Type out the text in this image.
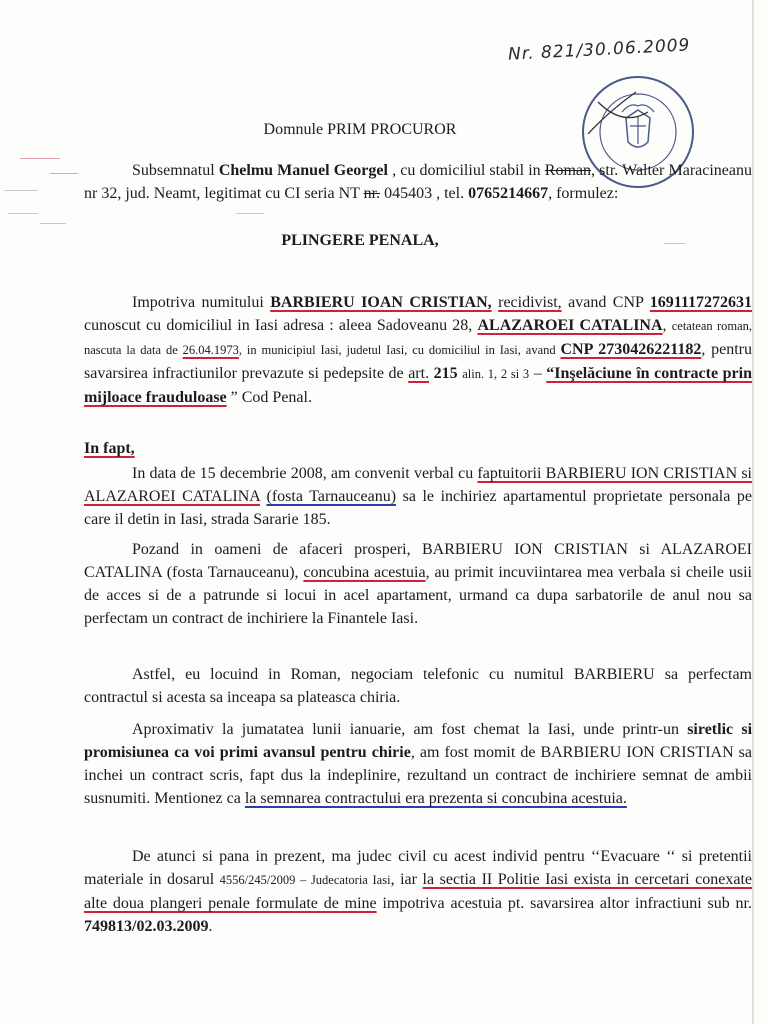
Nr. 821/30.06.2009
Domnule PRIM PROCUROR
Subsemnatul Chelmu Manuel Georgel , cu domiciliul stabil in Roman, str. Walter Maracineanu nr 32, jud. Neamt, legitimat cu CI seria NT nr. 045403 , tel. 0765214667, formulez:
PLINGERE PENALA,
Impotriva numitului BARBIERU IOAN CRISTIAN, recidivist, avand CNP 1691117272631 cunoscut cu domiciliul in Iasi adresa : aleea Sadoveanu 28, ALAZAROEI CATALINA, cetatean roman, nascuta la data de 26.04.1973, in municipiul Iasi, judetul Iasi, cu domiciliul in Iasi, avand CNP 2730426221182, pentru savarsirea infractiunilor prevazute si pedepsite de art. 215 alin. 1, 2 si 3 – “Inşelăciune în contracte prin mijloace frauduloase ” Cod Penal.
In fapt,
In data de 15 decembrie 2008, am convenit verbal cu faptuitorii BARBIERU ION CRISTIAN si ALAZAROEI CATALINA (fosta Tarnauceanu) sa le inchiriez apartamentul proprietate personala pe care il detin in Iasi, strada Sararie 185.
Pozand in oameni de afaceri prosperi, BARBIERU ION CRISTIAN si ALAZAROEI CATALINA (fosta Tarnauceanu), concubina acestuia, au primit incuviintarea mea verbala si cheile usii de acces si de a patrunde si locui in acel apartament, urmand ca dupa sarbatorile de anul nou sa perfectam un contract de inchiriere la Finantele Iasi.
Astfel, eu locuind in Roman, negociam telefonic cu numitul BARBIERU sa perfectam contractul si acesta sa inceapa sa plateasca chiria.
Aproximativ la jumatatea lunii ianuarie, am fost chemat la Iasi, unde printr-un siretlic si promisiunea ca voi primi avansul pentru chirie, am fost momit de BARBIERU ION CRISTIAN sa inchei un contract scris, fapt dus la indeplinire, rezultand un contract de inchiriere semnat de ambii susnumiti. Mentionez ca la semnarea contractului era prezenta si concubina acestuia.
De atunci si pana in prezent, ma judec civil cu acest individ pentru ‘‘Evacuare ‘‘ si pretentii materiale in dosarul 4556/245/2009 – Judecatoria Iasi, iar la sectia II Politie Iasi exista in cercetari conexate alte doua plangeri penale formulate de mine impotriva acestuia pt. savarsirea altor infractiuni sub nr. 749813/02.03.2009.
